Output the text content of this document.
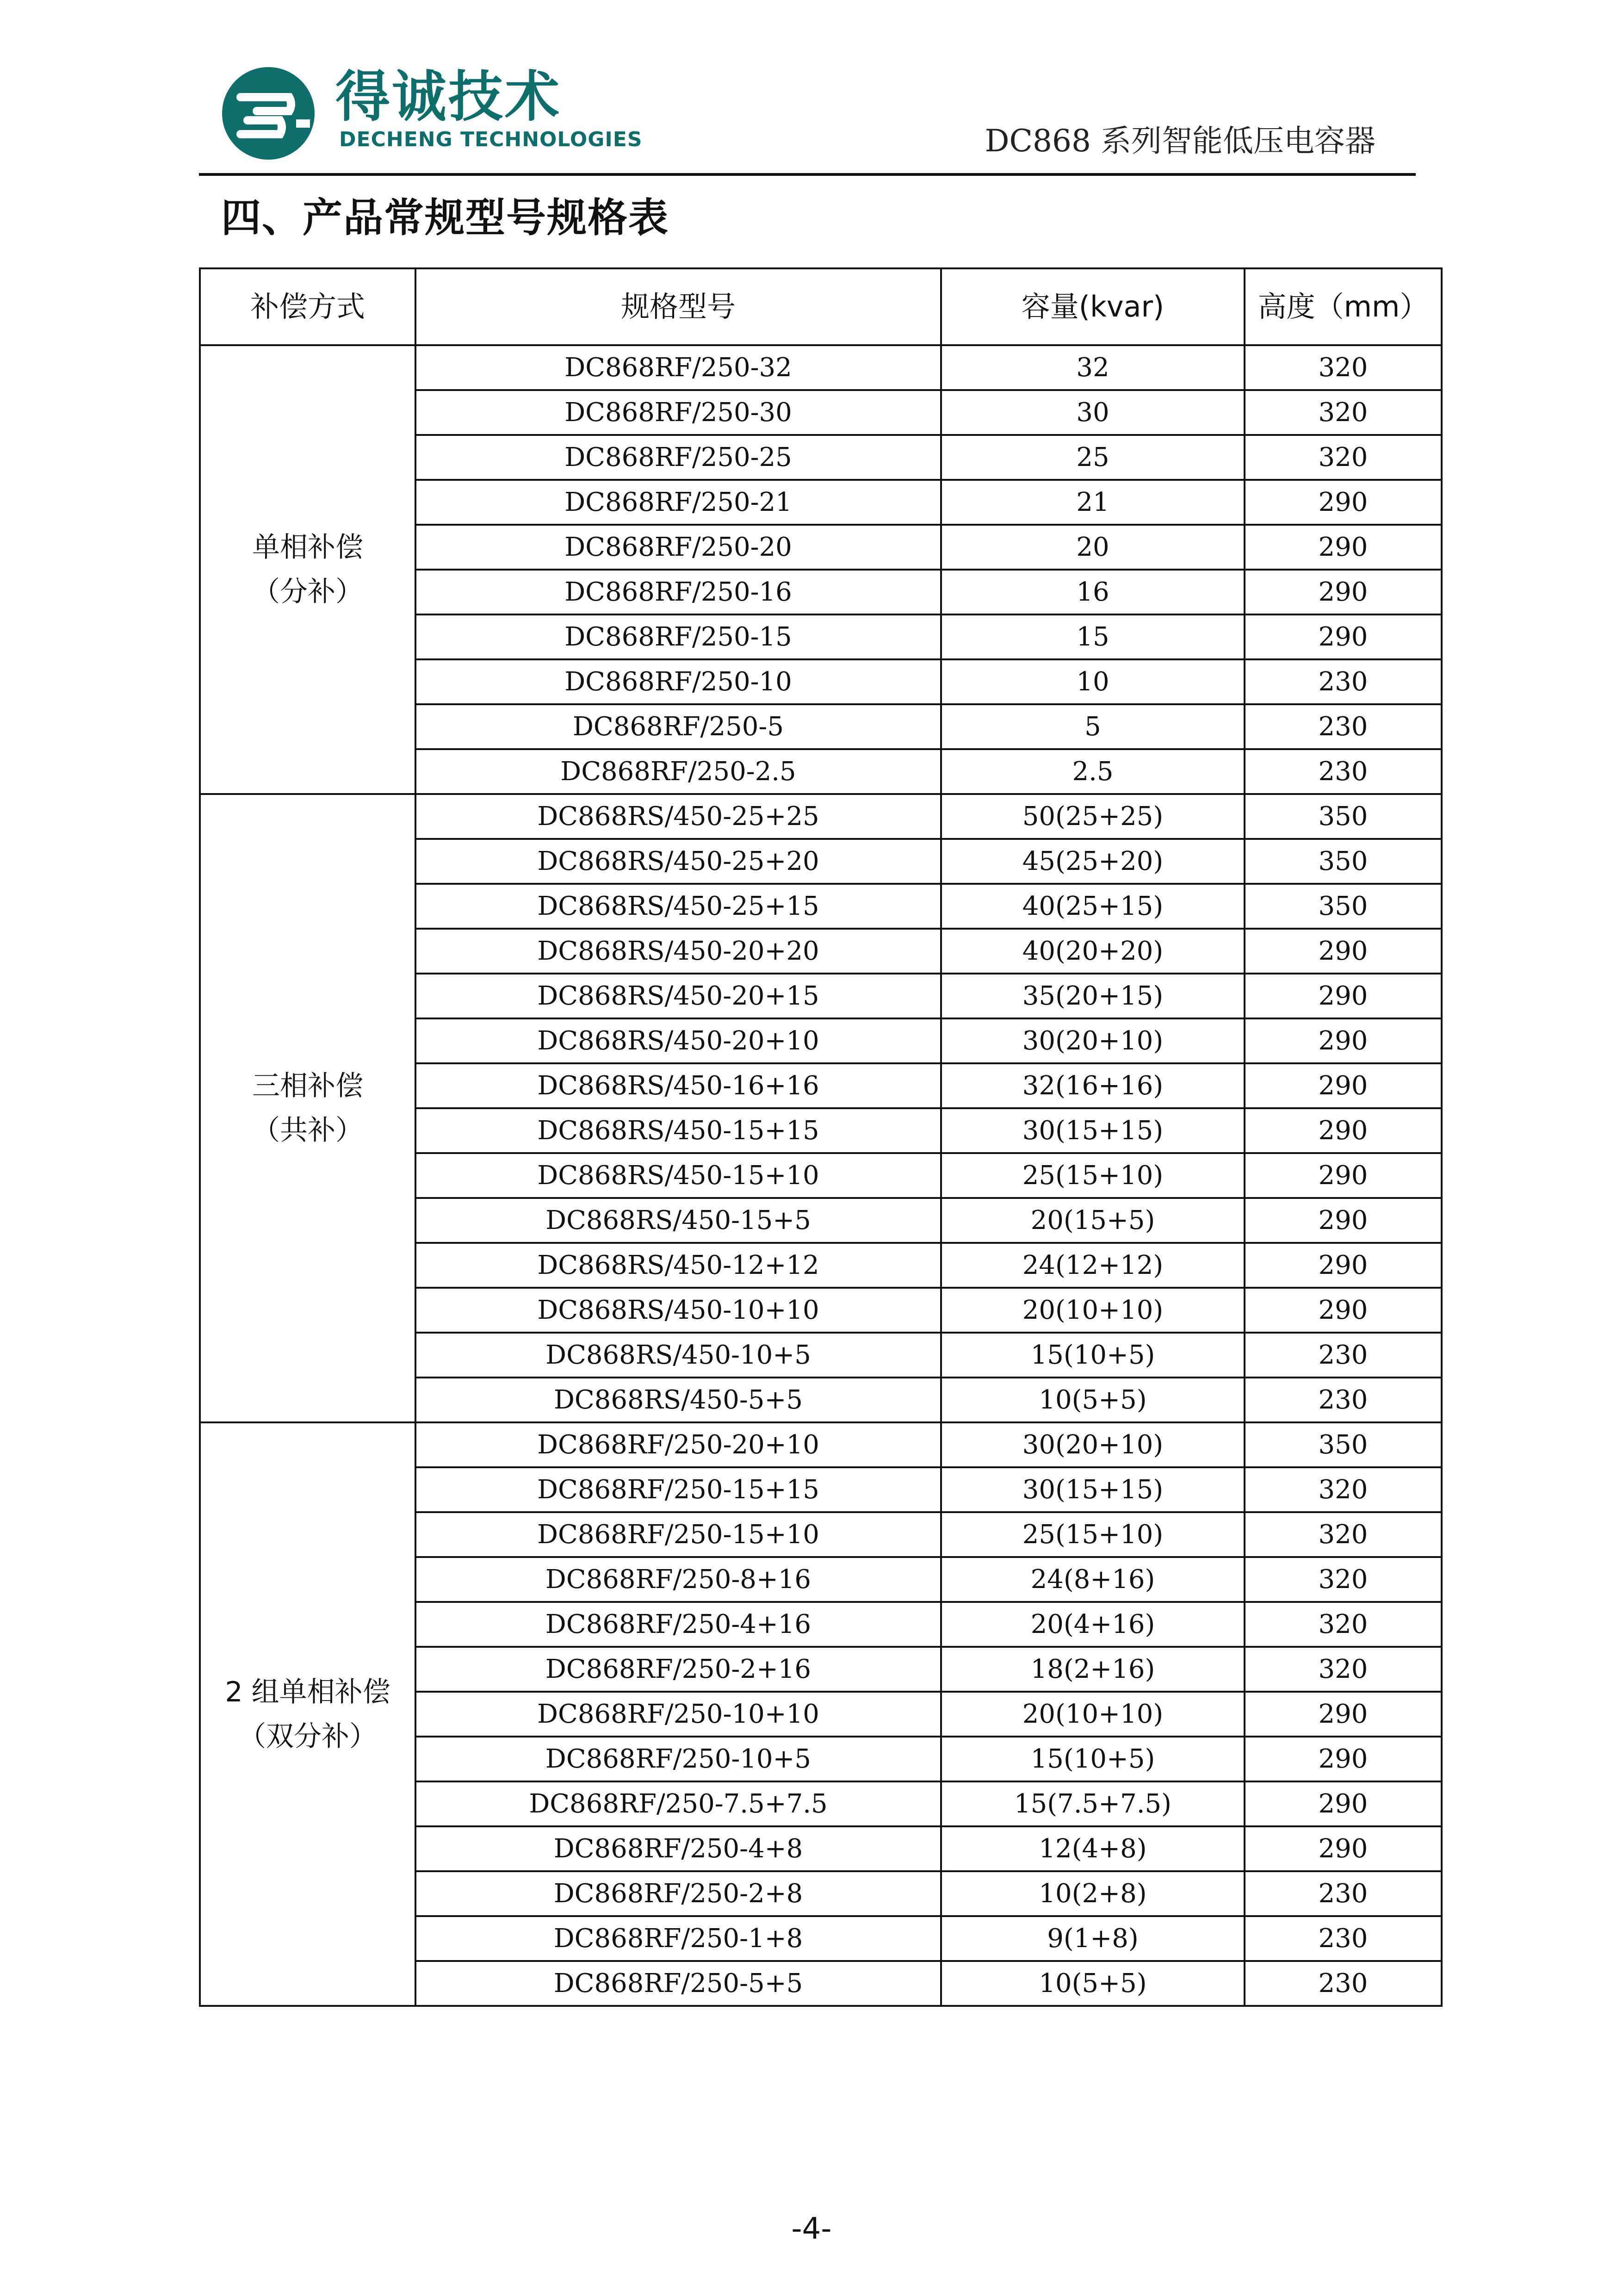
得诚技术
DECHENG TECHNOLOGIES	DC868 系列智能低压电容器
四、产品常规型号规格表
补偿方式	规格型号	容量(kvar)	高度（mm）

单相补偿
（分补）	DC868RF/250-32	32	320
	DC868RF/250-30	30	320
	DC868RF/250-25	25	320
	DC868RF/250-21	21	290
	DC868RF/250-20	20	290
	DC868RF/250-16	16	290
	DC868RF/250-15	15	290
	DC868RF/250-10	10	230
	DC868RF/250-5	5	230
	DC868RF/250-2.5	2.5	230

三相补偿
（共补）	DC868RS/450-25+25	50(25+25)	350
	DC868RS/450-25+20	45(25+20)	350
	DC868RS/450-25+15	40(25+15)	350
	DC868RS/450-20+20	40(20+20)	290
	DC868RS/450-20+15	35(20+15)	290
	DC868RS/450-20+10	30(20+10)	290
	DC868RS/450-16+16	32(16+16)	290
	DC868RS/450-15+15	30(15+15)	290
	DC868RS/450-15+10	25(15+10)	290
	DC868RS/450-15+5	20(15+5)	290
	DC868RS/450-12+12	24(12+12)	290
	DC868RS/450-10+10	20(10+10)	290
	DC868RS/450-10+5	15(10+5)	230
	DC868RS/450-5+5	10(5+5)	230

2 组单相补偿
（双分补）	DC868RF/250-20+10	30(20+10)	350
	DC868RF/250-15+15	30(15+15)	320
	DC868RF/250-15+10	25(15+10)	320
	DC868RF/250-8+16	24(8+16)	320
	DC868RF/250-4+16	20(4+16)	320
	DC868RF/250-2+16	18(2+16)	320
	DC868RF/250-10+10	20(10+10)	290
	DC868RF/250-10+5	15(10+5)	290
	DC868RF/250-7.5+7.5	15(7.5+7.5)	290
	DC868RF/250-4+8	12(4+8)	290
	DC868RF/250-2+8	10(2+8)	230
	DC868RF/250-1+8	9(1+8)	230
	DC868RF/250-5+5	10(5+5)	230
-4-
